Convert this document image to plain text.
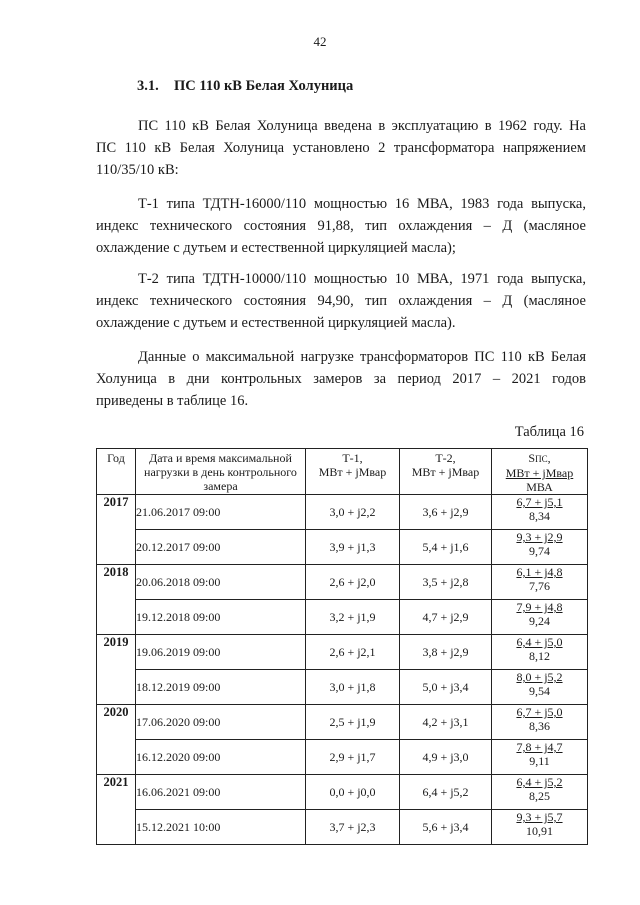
42
3.1. ПС 110 кВ Белая Холуница
ПС 110 кВ Белая Холуница введена в эксплуатацию в 1962 году. На
ПС 110 кВ Белая Холуница установлено 2 трансформатора напряжением
110/35/10 кВ:
Т-1 типа ТДТН-16000/110 мощностью 16 МВА, 1983 года выпуска,
индекс технического состояния 91,88, тип охлаждения – Д (масляное
охлаждение с дутьем и естественной циркуляцией масла);
Т-2 типа ТДТН-10000/110 мощностью 10 МВА, 1971 года выпуска,
индекс технического состояния 94,90, тип охлаждения – Д (масляное
охлаждение с дутьем и естественной циркуляцией масла).
Данные о максимальной нагрузке трансформаторов ПС 110 кВ Белая
Холуница в дни контрольных замеров за период 2017 – 2021 годов
приведены в таблице 16.
Таблица 16
Год	Дата и время максимальной нагрузки в день контрольного замера	Т-1,
МВт + jМвар	Т-2,
МВт + jМвар	SПС,
МВт + jМвар
МВА
2017	21.06.2017 09:00	3,0 + j2,2	3,6 + j2,9	6,7 + j5,1
8,34
	20.12.2017 09:00	3,9 + j1,3	5,4 + j1,6	9,3 + j2,9
9,74
2018	20.06.2018 09:00	2,6 + j2,0	3,5 + j2,8	6,1 + j4,8
7,76
	19.12.2018 09:00	3,2 + j1,9	4,7 + j2,9	7,9 + j4,8
9,24
2019	19.06.2019 09:00	2,6 + j2,1	3,8 + j2,9	6,4 + j5,0
8,12
	18.12.2019 09:00	3,0 + j1,8	5,0 + j3,4	8,0 + j5,2
9,54
2020	17.06.2020 09:00	2,5 + j1,9	4,2 + j3,1	6,7 + j5,0
8,36
	16.12.2020 09:00	2,9 + j1,7	4,9 + j3,0	7,8 + j4,7
9,11
2021	16.06.2021 09:00	0,0 + j0,0	6,4 + j5,2	6,4 + j5,2
8,25
	15.12.2021 10:00	3,7 + j2,3	5,6 + j3,4	9,3 + j5,7
10,91
